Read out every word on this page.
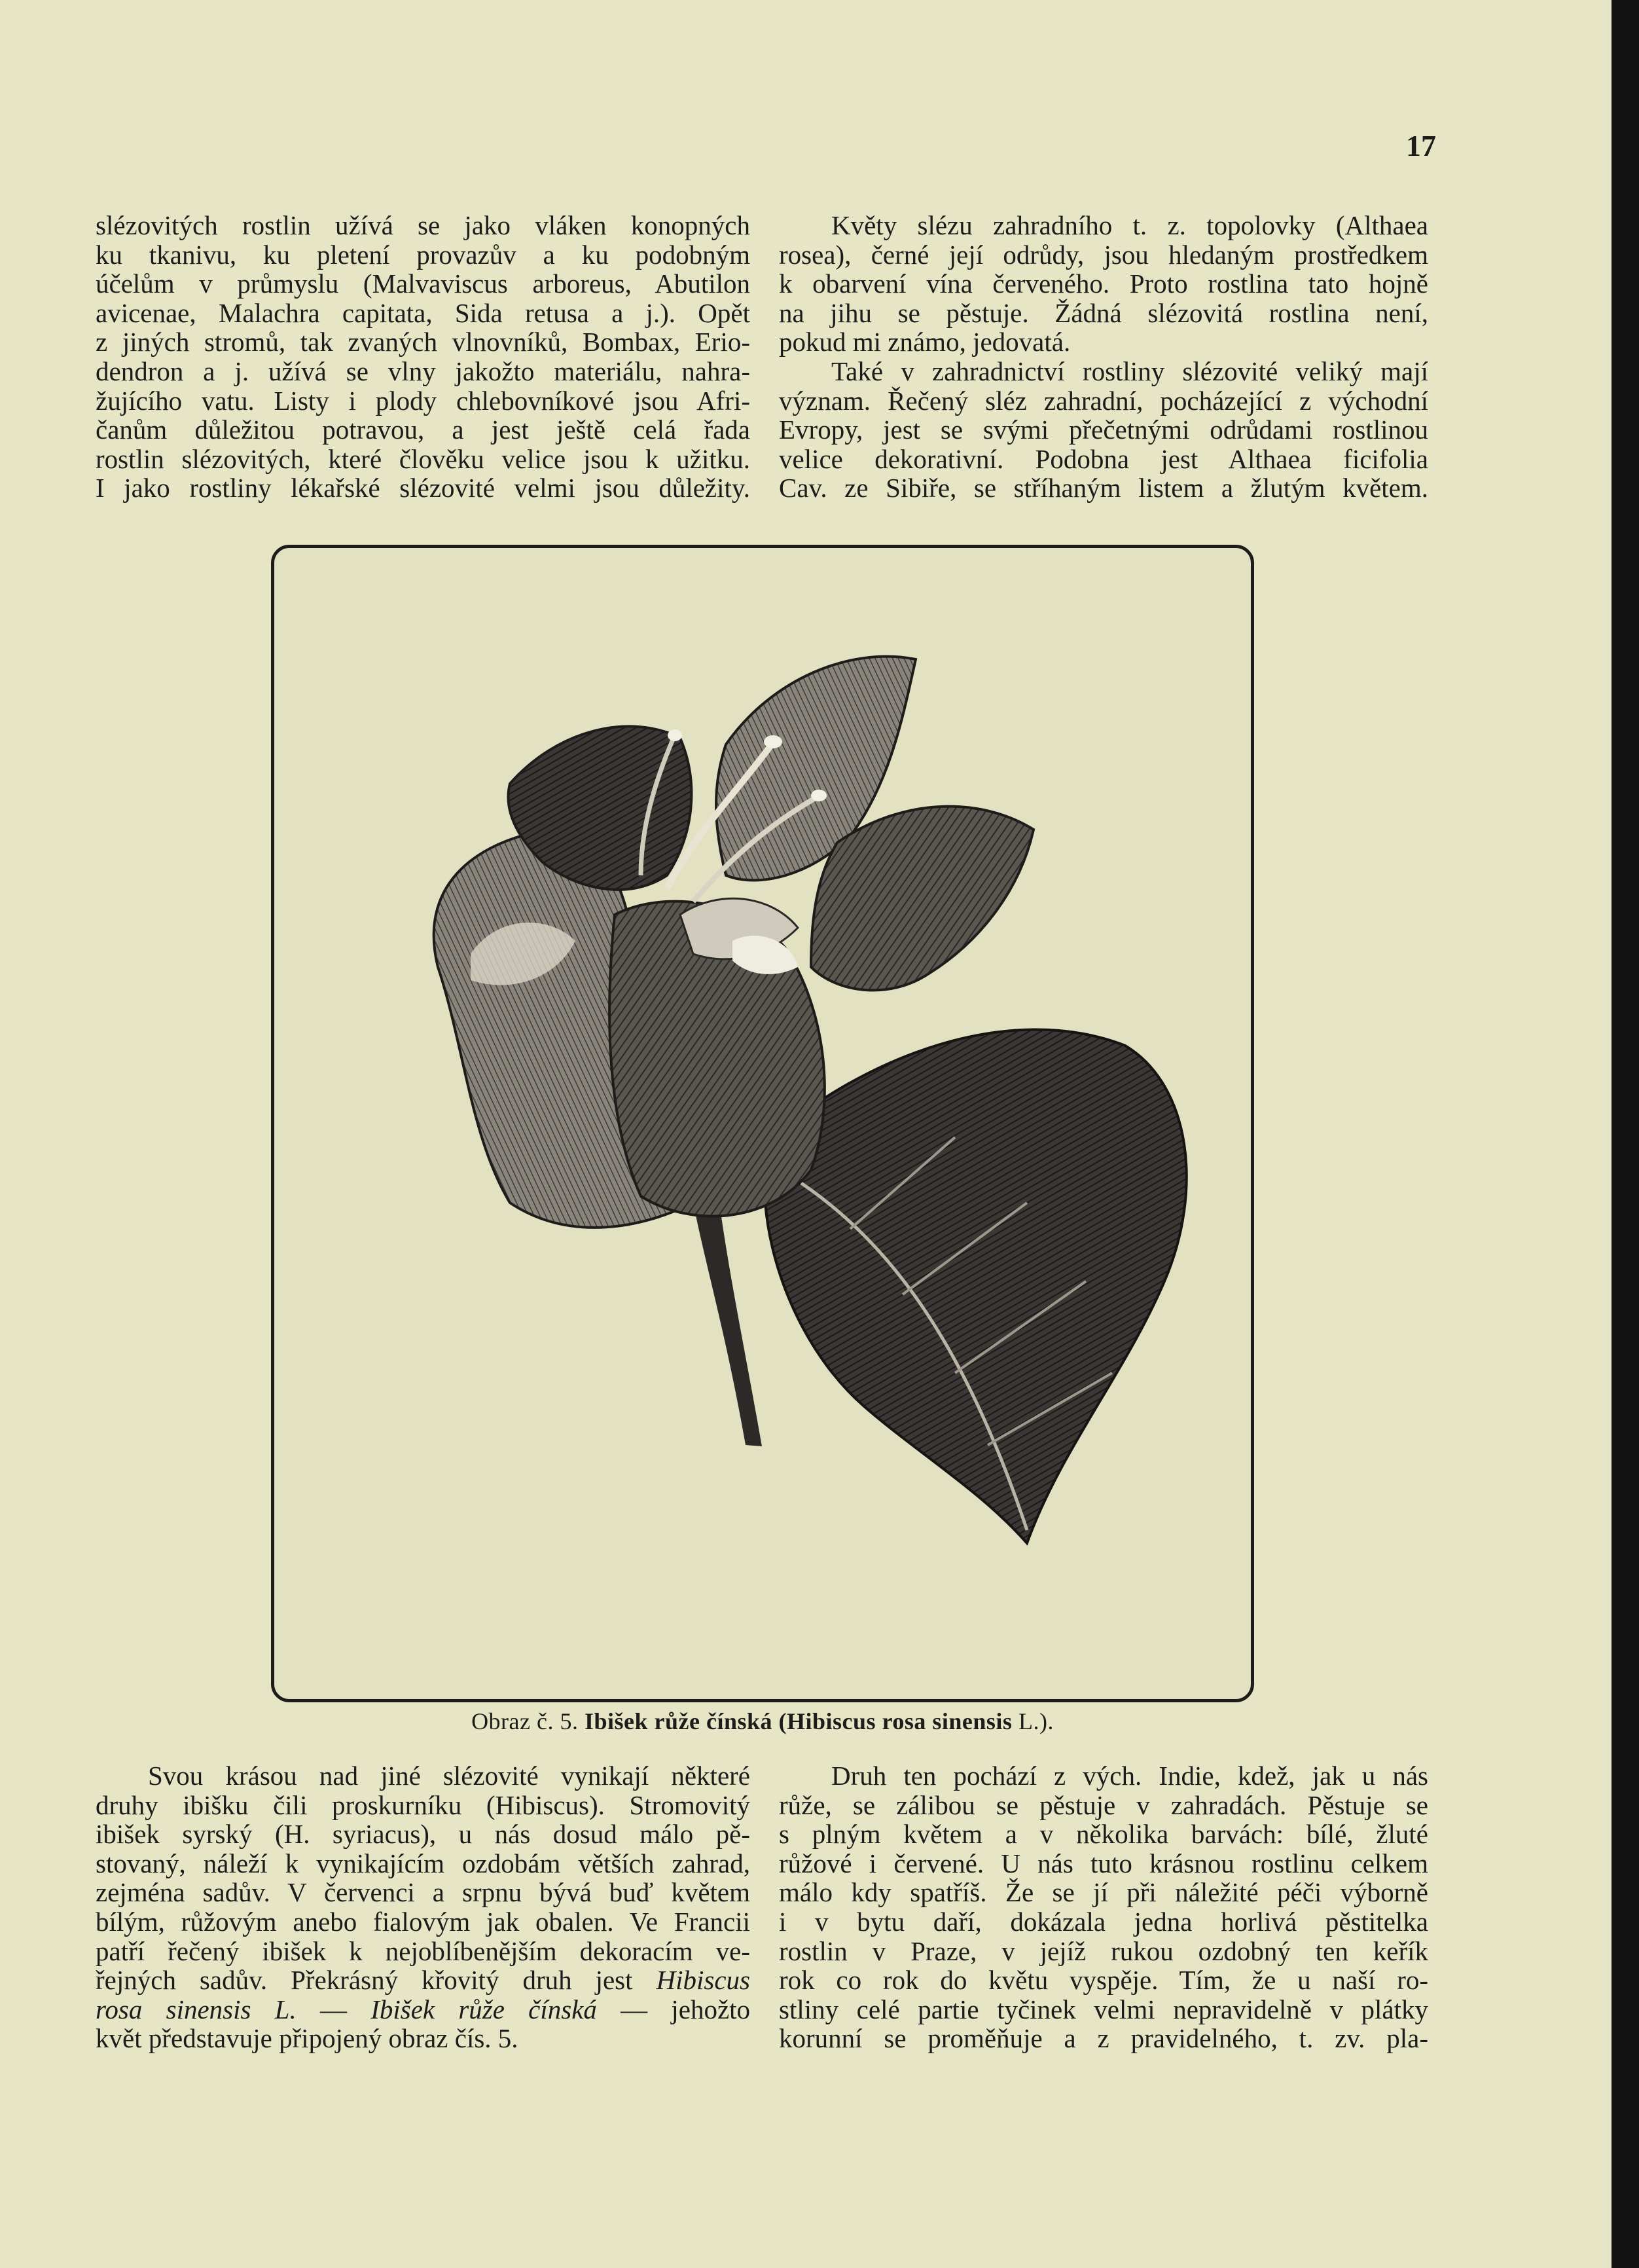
17
slézovitých rostlin užívá se jako vláken konopných
ku tkanivu, ku pletení provazův a ku podobným
účelům v průmyslu (Malvaviscus arboreus, Abutilon
avicenae, Malachra capitata, Sida retusa a j.). Opět
z jiných stromů, tak zvaných vlnovníků, Bombax, Erio-
dendron a j. užívá se vlny jakožto materiálu, nahra-
žujícího vatu. Listy i plody chlebovníkové jsou Afri-
čanům důležitou potravou, a jest ještě celá řada
rostlin slézovitých, které člověku velice jsou k užitku.
I jako rostliny lékařské slézovité velmi jsou důležity.
Květy slézu zahradního t. z. topolovky (Althaea
rosea), černé její odrůdy, jsou hledaným prostředkem
k obarvení vína červeného. Proto rostlina tato hojně
na jihu se pěstuje. Žádná slézovitá rostlina není,
pokud mi známo, jedovatá.
Také v zahradnictví rostliny slézovité veliký mají
význam. Řečený sléz zahradní, pocházející z východní
Evropy, jest se svými přečetnými odrůdami rostlinou
velice dekorativní. Podobna jest Althaea ficifolia
Cav. ze Sibiře, se stříhaným listem a žlutým květem.
Obraz č. 5. Ibišek růže čínská (Hibiscus rosa sinensis L.).
Svou krásou nad jiné slézovité vynikají některé
druhy ibišku čili proskurníku (Hibiscus). Stromovitý
ibišek syrský (H. syriacus), u nás dosud málo pě-
stovaný, náleží k vynikajícím ozdobám větších zahrad,
zejména sadův. V červenci a srpnu bývá buď květem
bílým, růžovým anebo fialovým jak obalen. Ve Francii
patří řečený ibišek k nejoblíbenějším dekoracím ve-
řejných sadův. Překrásný křovitý druh jest Hibiscus
rosa sinensis L. — Ibišek růže čínská — jehožto
květ představuje připojený obraz čís. 5.
Druh ten pochází z vých. Indie, kdež, jak u nás
růže, se zálibou se pěstuje v zahradách. Pěstuje se
s plným květem a v několika barvách: bílé, žluté
růžové i červené. U nás tuto krásnou rostlinu celkem
málo kdy spatříš. Že se jí při náležité péči výborně
i v bytu daří, dokázala jedna horlivá pěstitelka
rostlin v Praze, v jejíž rukou ozdobný ten keřík
rok co rok do květu vyspěje. Tím, že u naší ro-
stliny celé partie tyčinek velmi nepravidelně v plátky
korunní se proměňuje a z pravidelného, t. zv. pla-
